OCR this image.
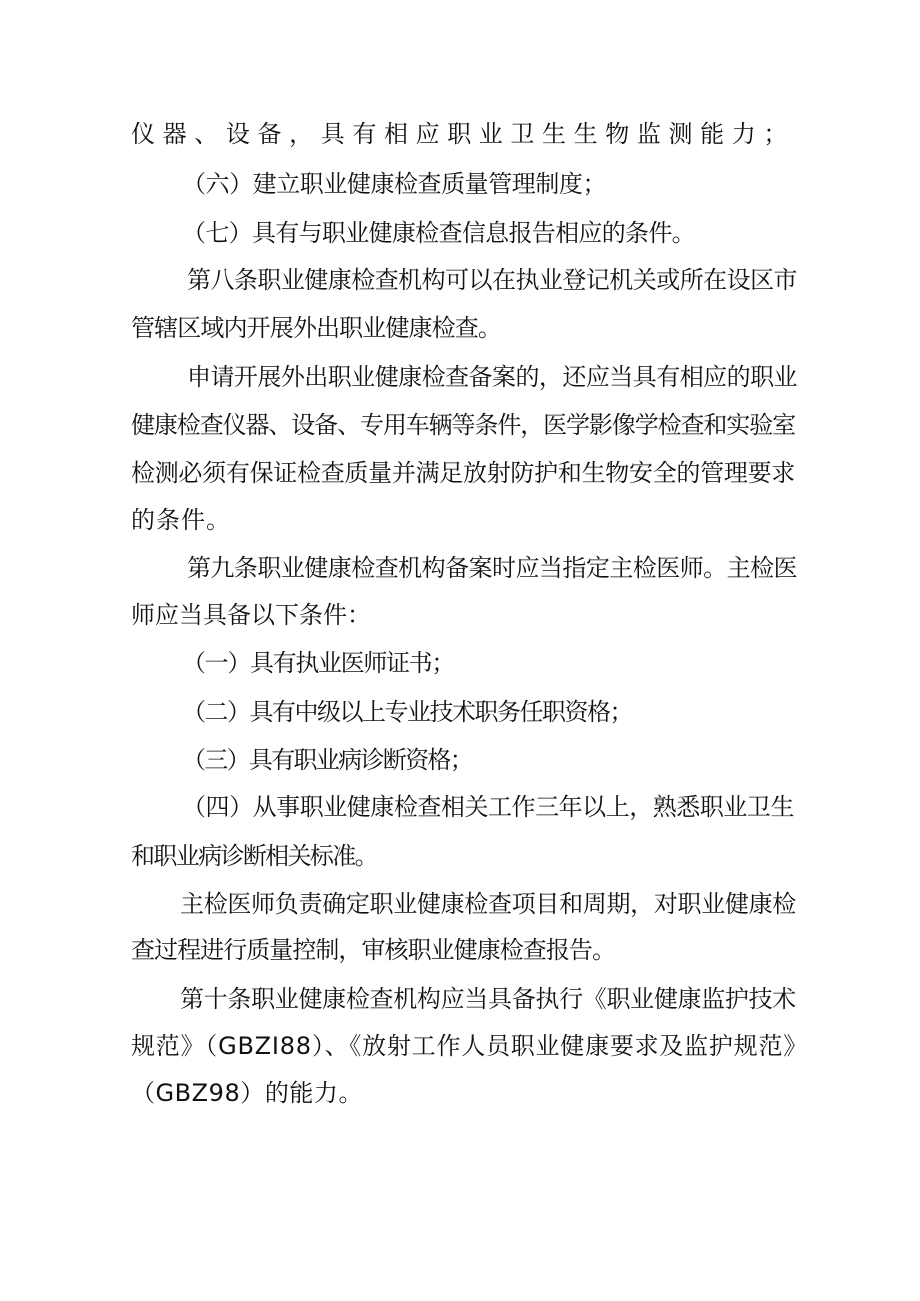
仪器、设备，具有相应职业卫生生物监测能力；
（六）建立职业健康检查质量管理制度；
（七）具有与职业健康检查信息报告相应的条件。
第八条职业健康检查机构可以在执业登记机关或所在设区市
管辖区域内开展外出职业健康检查。
申请开展外出职业健康检查备案的，还应当具有相应的职业
健康检查仪器、设备、专用车辆等条件，医学影像学检查和实验室
检测必须有保证检查质量并满足放射防护和生物安全的管理要求
的条件。
第九条职业健康检查机构备案时应当指定主检医师。主检医
师应当具备以下条件：
（一）具有执业医师证书；
（二）具有中级以上专业技术职务任职资格；
（三）具有职业病诊断资格；
（四）从事职业健康检查相关工作三年以上，熟悉职业卫生
和职业病诊断相关标准。
主检医师负责确定职业健康检查项目和周期，对职业健康检
查过程进行质量控制，审核职业健康检查报告。
第十条职业健康检查机构应当具备执行《职业健康监护技术
规范》（GBZI88）、《放射工作人员职业健康要求及监护规范》
（GBZ98）的能力。
